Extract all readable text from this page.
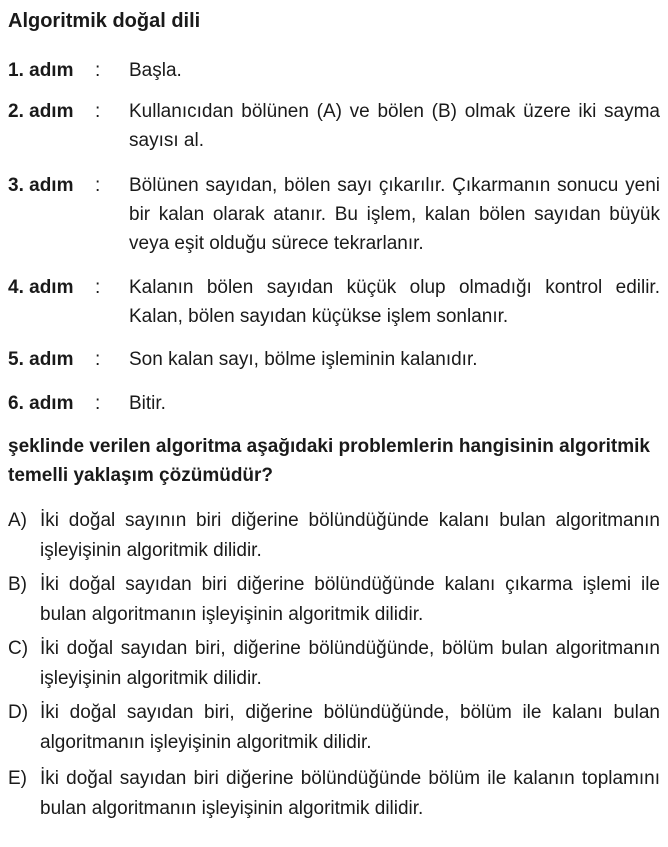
Algoritmik doğal dili
1. adım : Başla.
2. adım : Kullanıcıdan bölünen (A) ve bölen (B) olmak üzere iki sayma sayısı al.
3. adım : Bölünen sayıdan, bölen sayı çıkarılır. Çıkarmanın sonucu yeni bir kalan olarak atanır. Bu işlem, kalan bölen sayıdan büyük veya eşit olduğu sürece tekrarlanır.
4. adım : Kalanın bölen sayıdan küçük olup olmadığı kontrol edilir. Kalan, bölen sayıdan küçükse işlem sonlanır.
5. adım : Son kalan sayı, bölme işleminin kalanıdır.
6. adım : Bitir.
şeklinde verilen algoritma aşağıdaki problemlerin hangisinin algoritmik temelli yaklaşım çözümüdür?
A) İki doğal sayının biri diğerine bölündüğünde kalanı bulan algoritmanın işleyişinin algoritmik dilidir.
B) İki doğal sayıdan biri diğerine bölündüğünde kalanı çıkarma işlemi ile bulan algoritmanın işleyişinin algoritmik dilidir.
C) İki doğal sayıdan biri, diğerine bölündüğünde, bölüm bulan algoritmanın işleyişinin algoritmik dilidir.
D) İki doğal sayıdan biri, diğerine bölündüğünde, bölüm ile kalanı bulan algoritmanın işleyişinin algoritmik dilidir.
E) İki doğal sayıdan biri diğerine bölündüğünde bölüm ile kalanın toplamını bulan algoritmanın işleyişinin algoritmik dilidir.
